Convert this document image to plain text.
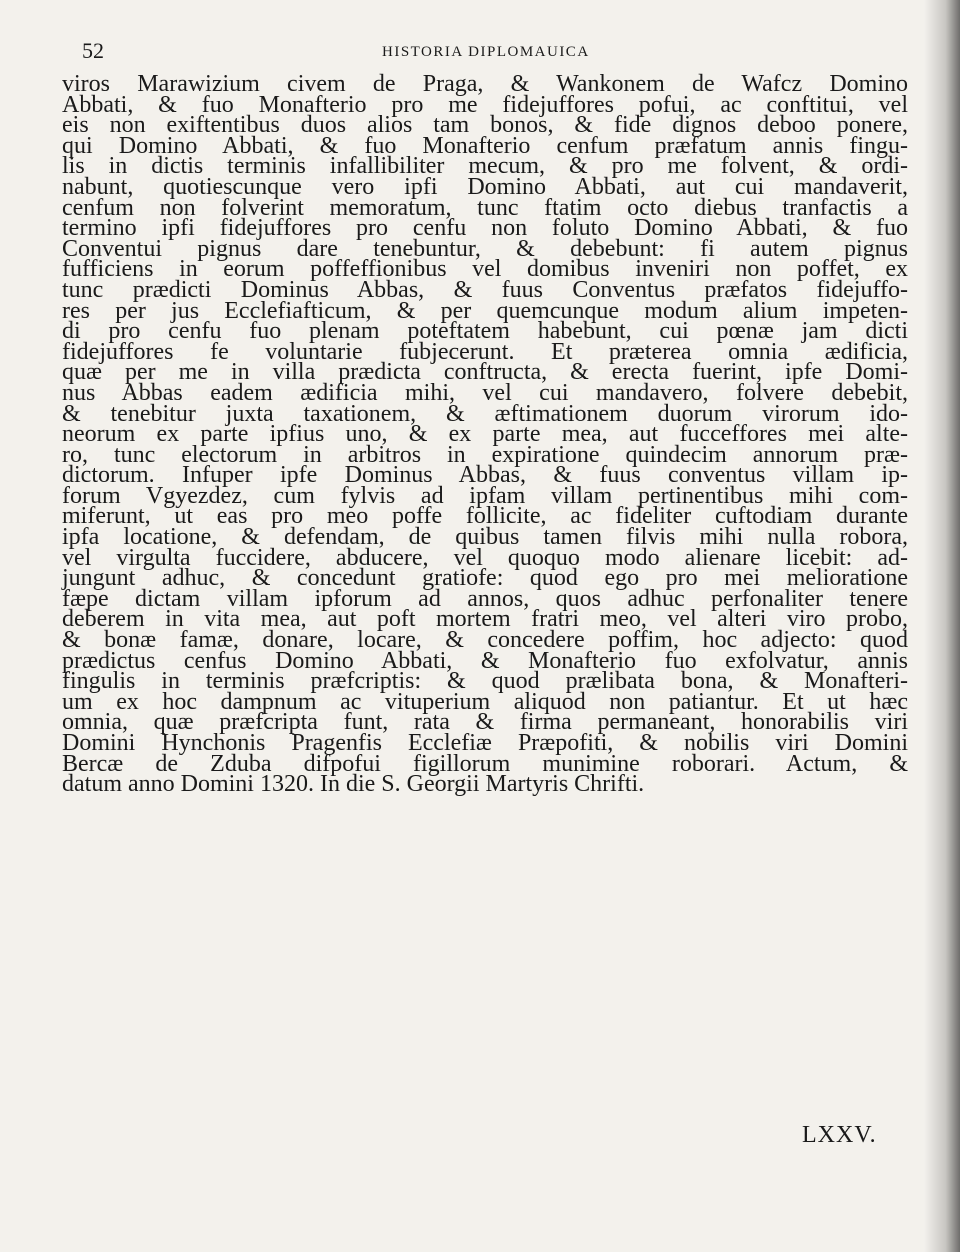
52	HISTORIA DIPLOMAUICA
viros Marawizium civem de Praga, & Wankonem de Wafcz Domino
Abbati, & fuo Monafterio pro me fidejuffores pofui, ac conftitui, vel
eis non exiftentibus duos alios tam bonos, & fide dignos deboo ponere,
qui Domino Abbati, & fuo Monafterio cenfum præfatum annis fingu-
lis in dictis terminis infallibiliter mecum, & pro me folvent, & ordi-
nabunt, quotiescunque vero ipfi Domino Abbati, aut cui mandaverit,
cenfum non folverint memoratum, tunc ftatim octo diebus tranfactis a
termino ipfi fidejuffores pro cenfu non foluto Domino Abbati, & fuo
Conventui pignus dare tenebuntur, & debebunt: fi autem pignus
fufficiens in eorum poffeffionibus vel domibus inveniri non poffet, ex
tunc prædicti Dominus Abbas, & fuus Conventus præfatos fidejuffo-
res per jus Ecclefiafticum, & per quemcunque modum alium impeten-
di pro cenfu fuo plenam poteftatem habebunt, cui pœnæ jam dicti
fidejuffores fe voluntarie fubjecerunt. Et præterea omnia ædificia,
quæ per me in villa prædicta conftructa, & erecta fuerint, ipfe Domi-
nus Abbas eadem ædificia mihi, vel cui mandavero, folvere debebit,
& tenebitur juxta taxationem, & æftimationem duorum virorum ido-
neorum ex parte ipfius uno, & ex parte mea, aut fucceffores mei alte-
ro, tunc electorum in arbitros in expiratione quindecim annorum præ-
dictorum. Infuper ipfe Dominus Abbas, & fuus conventus villam ip-
forum Vgyezdez, cum fylvis ad ipfam villam pertinentibus mihi com-
miferunt, ut eas pro meo poffe follicite, ac fideliter cuftodiam durante
ipfa locatione, & defendam, de quibus tamen filvis mihi nulla robora,
vel virgulta fuccidere, abducere, vel quoquo modo alienare licebit: ad-
jungunt adhuc, & concedunt gratiofe: quod ego pro mei melioratione
fæpe dictam villam ipforum ad annos, quos adhuc perfonaliter tenere
deberem in vita mea, aut poft mortem fratri meo, vel alteri viro probo,
& bonæ famæ, donare, locare, & concedere poffim, hoc adjecto: quod
prædictus cenfus Domino Abbati, & Monafterio fuo exfolvatur, annis
fingulis in terminis præfcriptis: & quod prælibata bona, & Monafteri-
um ex hoc dampnum ac vituperium aliquod non patiantur. Et ut hæc
omnia, quæ præfcripta funt, rata & firma permaneant, honorabilis viri
Domini Hynchonis Pragenfis Ecclefiæ Præpofiti, & nobilis viri Domini
Bercæ de Zduba difpofui figillorum munimine roborari. Actum, &
datum anno Domini 1320. In die S. Georgii Martyris Chrifti.
LXXV.
